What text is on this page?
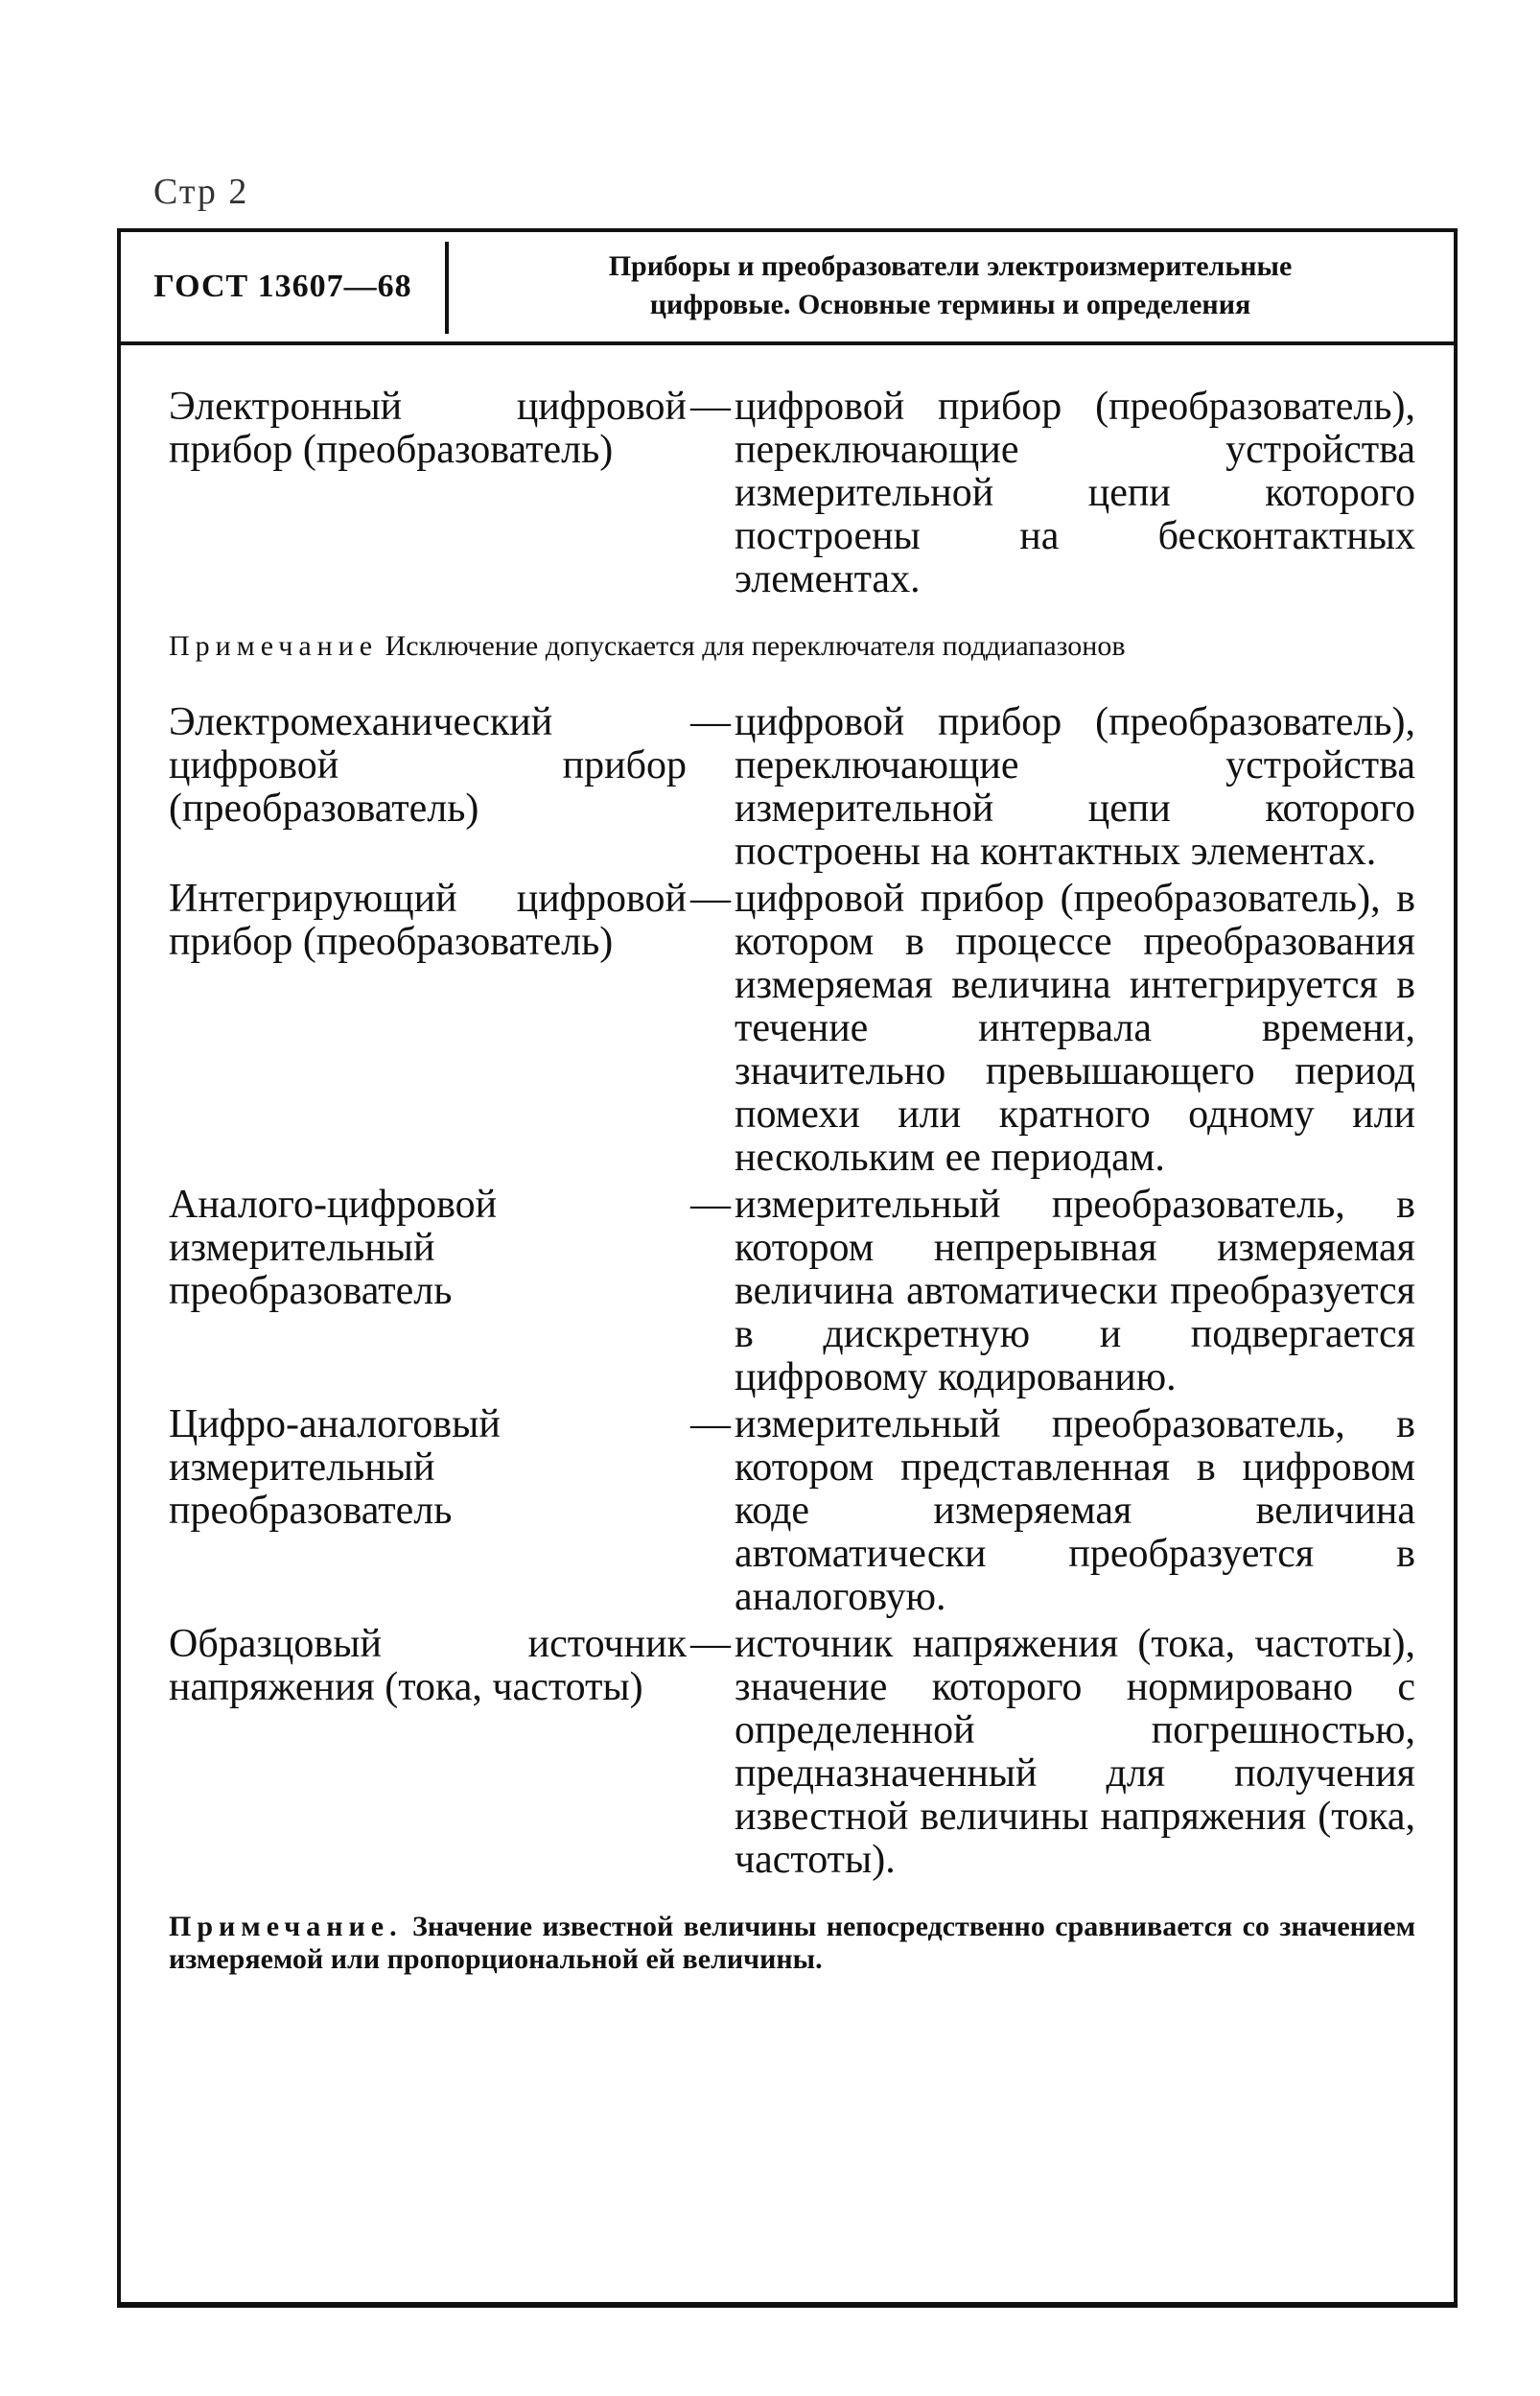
Стр 2
ГОСТ 13607—68
Приборы и преобразователи электроизмерительные
цифровые. Основные термины и определения
Электронный цифровой прибор (преобразователь)
— цифровой прибор (преобразователь), переключающие устройства измерительной цепи которого построены на бесконтактных элементах.
Примечание Исключение допускается для переключателя поддиапазонов
Электромеханический цифровой прибор (преобразователь)
— цифровой прибор (преобразователь), переключающие устройства измерительной цепи которого построены на контактных элементах.
Интегрирующий цифровой прибор (преобразователь)
— цифровой прибор (преобразователь), в котором в процессе преобразования измеряемая величина интегрируется в течение интервала времени, значительно превышающего период помехи или кратного одному или нескольким ее периодам.
Аналого-цифровой измерительный преобразователь
— измерительный преобразователь, в котором непрерывная измеряемая величина автоматически преобразуется в дискретную и подвергается цифровому кодированию.
Цифро-аналоговый измерительный преобразователь
— измерительный преобразователь, в котором представленная в цифровом коде измеряемая величина автоматически преобразуется в аналоговую.
Образцовый источник напряжения (тока, частоты)
— источник напряжения (тока, частоты), значение которого нормировано с определенной погрешностью, предназначенный для получения известной величины напряжения (тока, частоты).
Примечание. Значение известной величины непосредственно сравнивается со значением измеряемой или пропорциональной ей величины.
